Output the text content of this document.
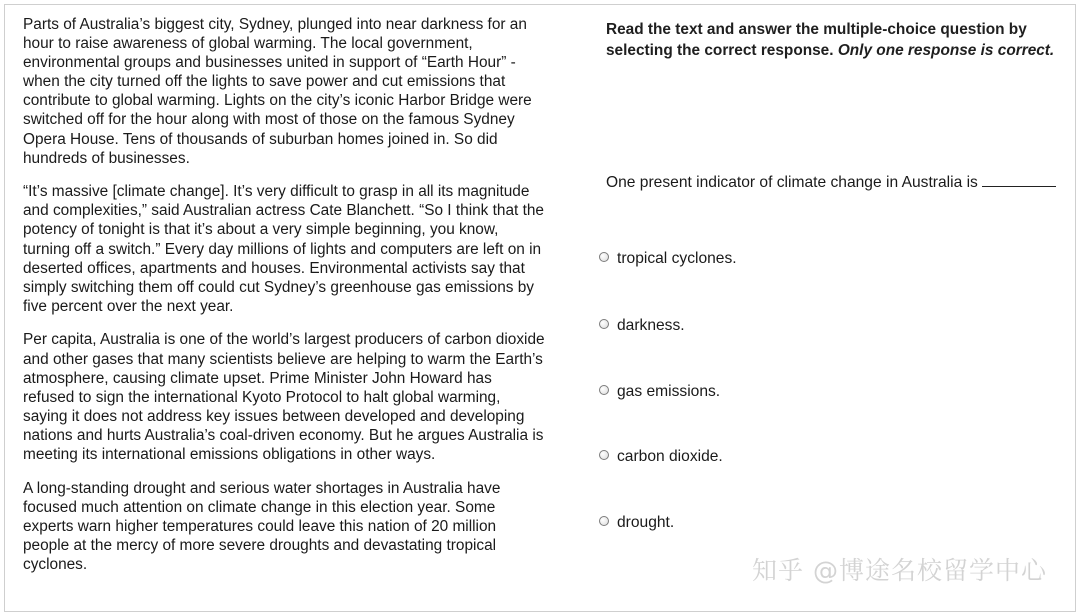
Parts of Australia’s biggest city, Sydney, plunged into near darkness for an hour to raise awareness of global warming. The local government, environmental groups and businesses united in support of “Earth Hour” - when the city turned off the lights to save power and cut emissions that contribute to global warming. Lights on the city’s iconic Harbor Bridge were switched off for the hour along with most of those on the famous Sydney Opera House. Tens of thousands of suburban homes joined in. So did hundreds of businesses.

“It’s massive [climate change]. It’s very difficult to grasp in all its magnitude and complexities,” said Australian actress Cate Blanchett. “So I think that the potency of tonight is that it’s about a very simple beginning, you know, turning off a switch.” Every day millions of lights and computers are left on in deserted offices, apartments and houses. Environmental activists say that simply switching them off could cut Sydney’s greenhouse gas emissions by five percent over the next year.

Per capita, Australia is one of the world’s largest producers of carbon dioxide and other gases that many scientists believe are helping to warm the Earth’s atmosphere, causing climate upset. Prime Minister John Howard has refused to sign the international Kyoto Protocol to halt global warming, saying it does not address key issues between developed and developing nations and hurts Australia’s coal-driven economy. But he argues Australia is meeting its international emissions obligations in other ways.

A long-standing drought and serious water shortages in Australia have focused much attention on climate change in this election year. Some experts warn higher temperatures could leave this nation of 20 million people at the mercy of more severe droughts and devastating tropical cyclones.

Read the text and answer the multiple-choice question by selecting the correct response. Only one response is correct.
One present indicator of climate change in Australia is
tropical cyclones.
darkness.
gas emissions.
carbon dioxide.
drought.
知乎 @博途名校留学中心
